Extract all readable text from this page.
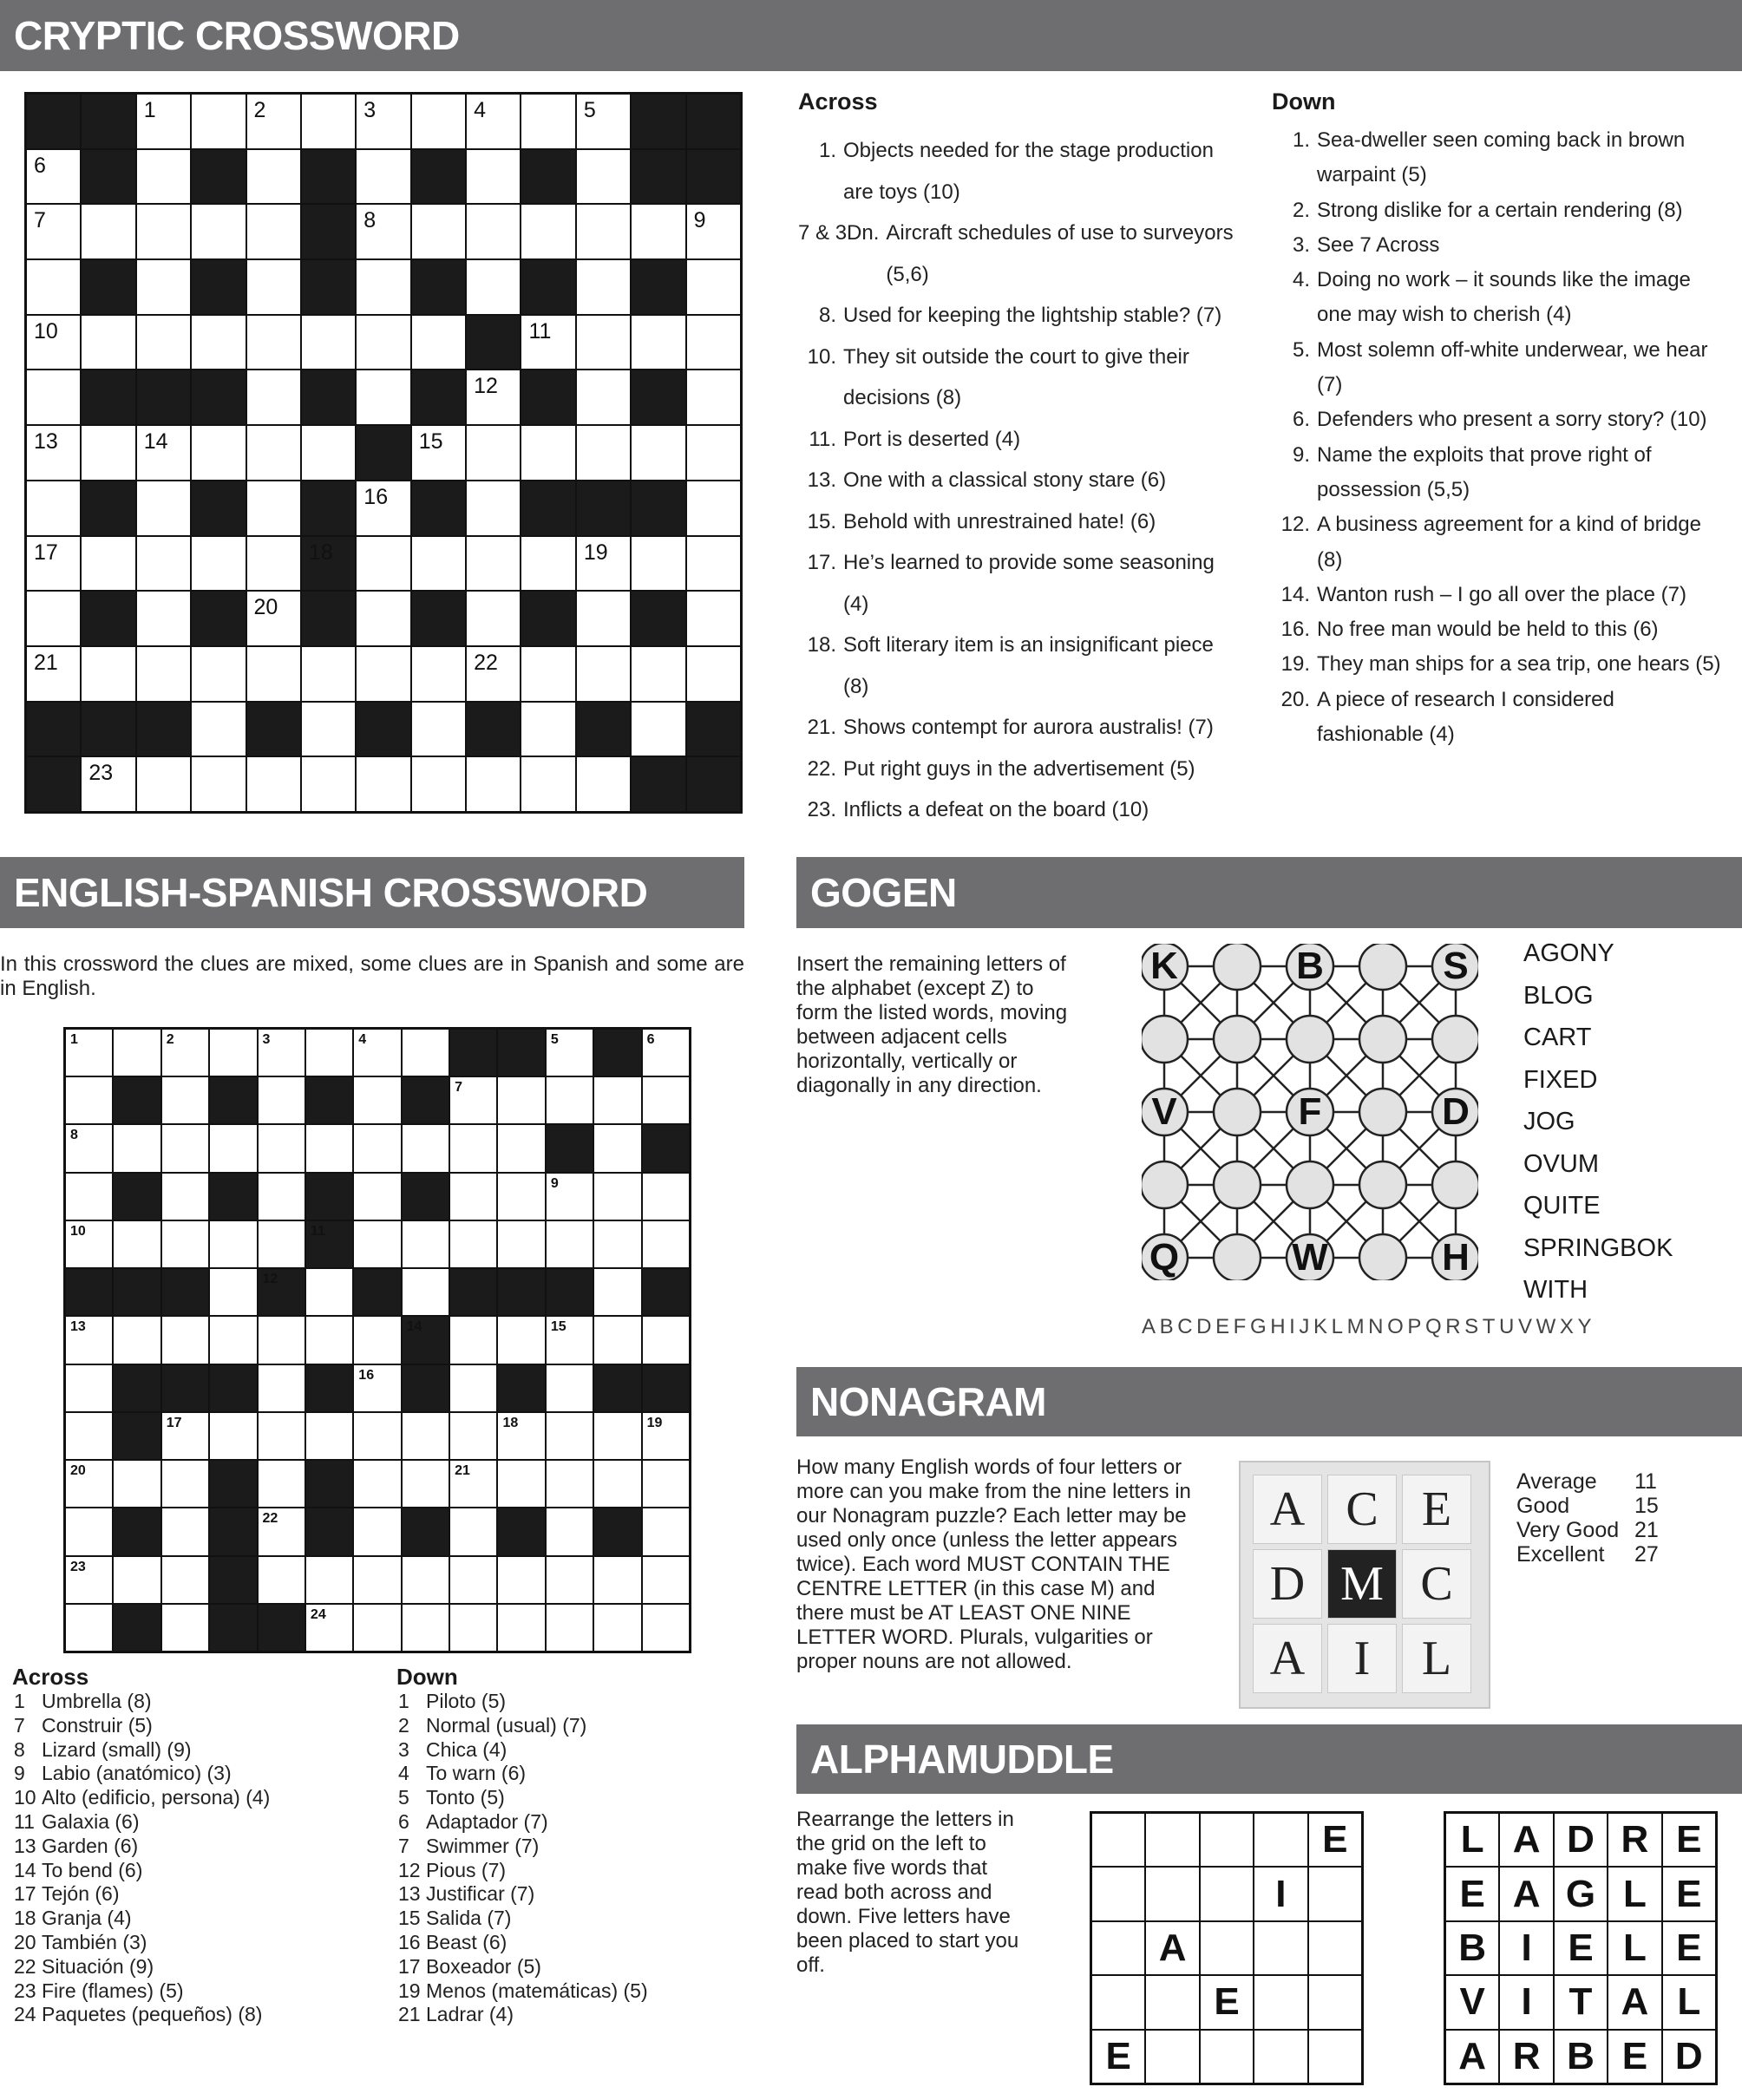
CRYPTIC CROSSWORD
1	2	3	4	5
6
7	8	9
10	11
12
13	14	15
16
17	18	19
20
21	22
23
Across
1. Objects needed for the stage production are toys (10)
7 & 3Dn. Aircraft schedules of use to surveyors (5,6)
8. Used for keeping the lightship stable? (7)
10. They sit outside the court to give their decisions (8)
11. Port is deserted (4)
13. One with a classical stony stare (6)
15. Behold with unrestrained hate! (6)
17. He’s learned to provide some seasoning (4)
18. Soft literary item is an insignificant piece (8)
21. Shows contempt for aurora australis! (7)
22. Put right guys in the advertisement (5)
23. Inflicts a defeat on the board (10)
Down
1. Sea-dweller seen coming back in brown warpaint (5)
2. Strong dislike for a certain rendering (8)
3. See 7 Across
4. Doing no work – it sounds like the image one may wish to cherish (4)
5. Most solemn off-white underwear, we hear (7)
6. Defenders who present a sorry story? (10)
9. Name the exploits that prove right of possession (5,5)
12. A business agreement for a kind of bridge (8)
14. Wanton rush – I go all over the place (7)
16. No free man would be held to this (6)
19. They man ships for a sea trip, one hears (5)
20. A piece of research I considered fashionable (4)
ENGLISH-SPANISH CROSSWORD
In this crossword the clues are mixed, some clues are in Spanish and some are in English.
1	2	3	4	5	6
7
8
9
10	11
12
13	14	15
16
17	18	19
20	21
22
23
24
Across
1 Umbrella (8)
7 Construir (5)
8 Lizard (small) (9)
9 Labio (anatómico) (3)
10 Alto (edificio, persona) (4)
11 Galaxia (6)
13 Garden (6)
14 To bend (6)
17 Tejón (6)
18 Granja (4)
20 También (3)
22 Situación (9)
23 Fire (flames) (5)
24 Paquetes (pequeños) (8)
Down
1 Piloto (5)
2 Normal (usual) (7)
3 Chica (4)
4 To warn (6)
5 Tonto (5)
6 Adaptador (7)
7 Swimmer (7)
12 Pious (7)
13 Justificar (7)
15 Salida (7)
16 Beast (6)
17 Boxeador (5)
19 Menos (matemáticas) (5)
21 Ladrar (4)
GOGEN
Insert the remaining letters of the alphabet (except Z) to form the listed words, moving between adjacent cells horizontally, vertically or diagonally in any direction.
K	B	S
V	F	D
Q	W	H
AGONY
BLOG
CART
FIXED
JOG
OVUM
QUITE
SPRINGBOK
WITH
ABCDEFGHIJKLMNOPQRSTUVWXY
NONAGRAM
How many English words of four letters or more can you make from the nine letters in our Nonagram puzzle? Each letter may be used only once (unless the letter appears twice). Each word MUST CONTAIN THE CENTRE LETTER (in this case M) and there must be AT LEAST ONE NINE LETTER WORD. Plurals, vulgarities or proper nouns are not allowed.
A C E
D M C
A	I	L
Average	11
Good	15
Very Good 21
Excellent	27
ALPHAMUDDLE
Rearrange the letters in the grid on the left to make five words that read both across and down. Five letters have been placed to start you off.
E
I
A
E
E
L A D R E
E A G L E
B I E L E
V I T A L
A R B E D
